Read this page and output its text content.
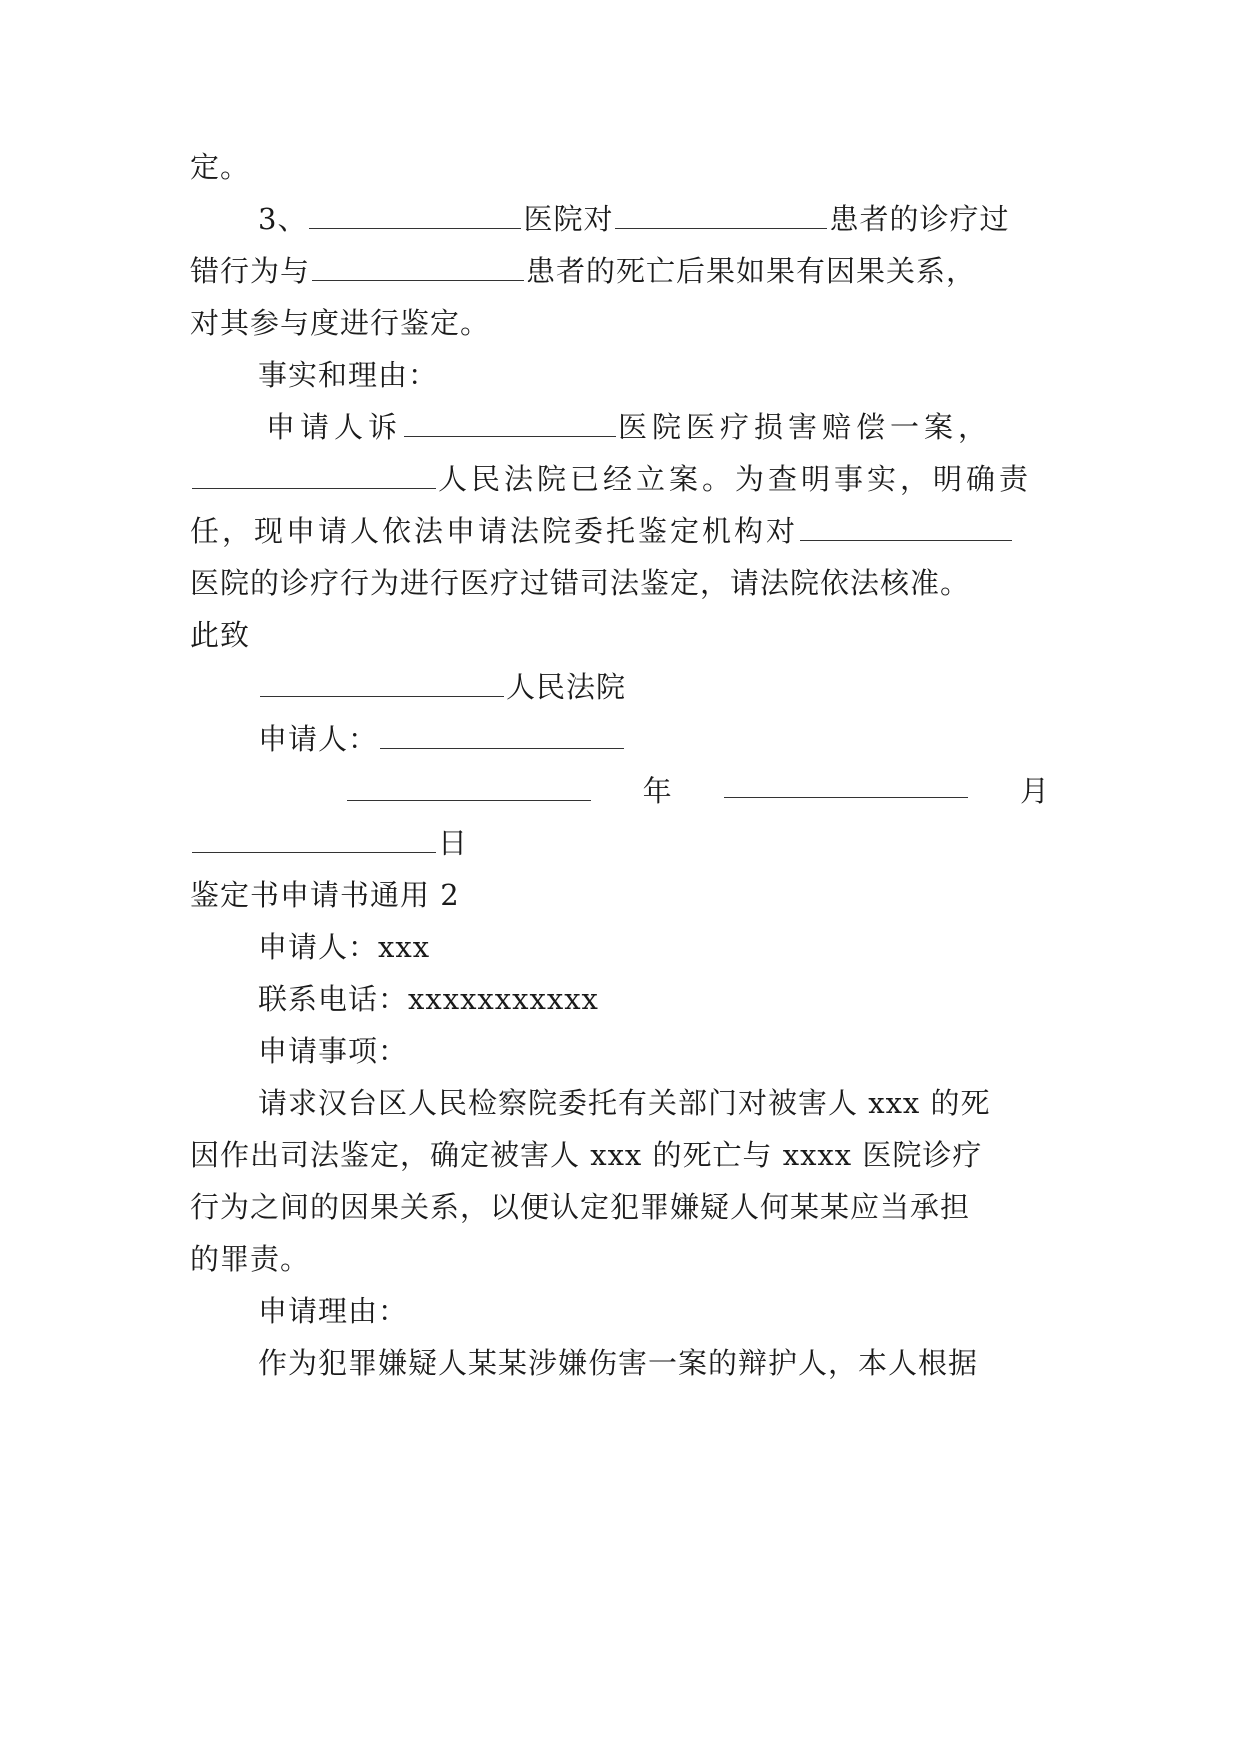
定。
3、	医院对	患者的诊疗过
错行为与	患者的死亡后果如果有因果关系，
对其参与度进行鉴定。
事实和理由：
申请人诉	医院医疗损害赔偿一案，
人民法院已经立案。为查明事实，明确责
任，现申请人依法申请法院委托鉴定机构对
医院的诊疗行为进行医疗过错司法鉴定，请法院依法核准。
此致
人民法院
申请人：
年	月
日
鉴定书申请书通用 2
申请人：xxx
联系电话：xxxxxxxxxxx
申请事项：
请求汉台区人民检察院委托有关部门对被害人 xxx 的死
因作出司法鉴定，确定被害人 xxx 的死亡与 xxxx 医院诊疗
行为之间的因果关系，以便认定犯罪嫌疑人何某某应当承担
的罪责。
申请理由：
作为犯罪嫌疑人某某涉嫌伤害一案的辩护人，本人根据
